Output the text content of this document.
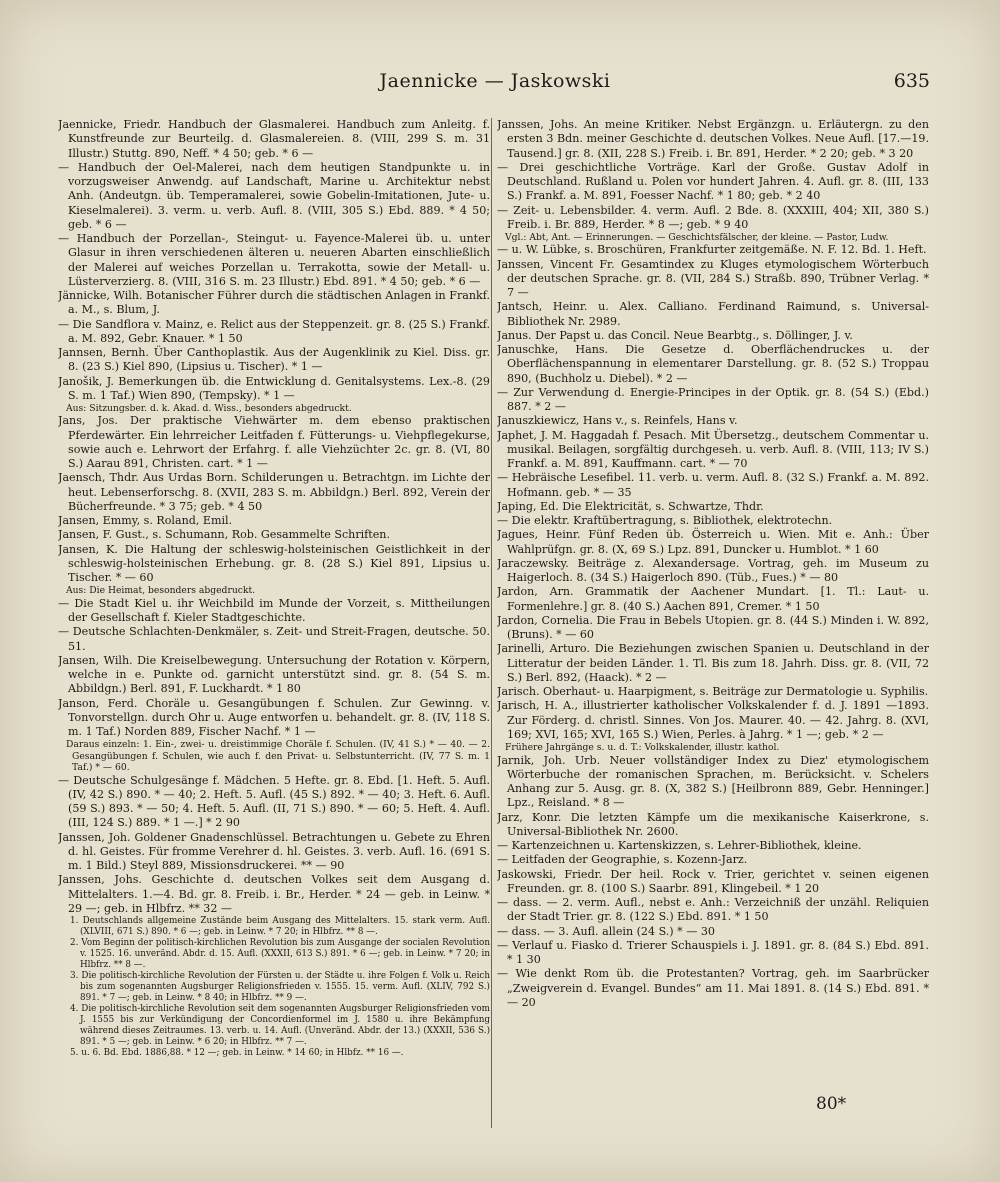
Jaennicke — Jaskowski	635

Jaennicke, Friedr. Handbuch der Glasmalerei. Handbuch zum Anleitg. f. Kunstfreunde zur Beurteilg. d. Glasmalereien. 8. (VIII, 299 S. m. 31 Illustr.) Stuttg. 890, Neff. * 4 50; geb. * 6 —

— Handbuch der Oel-Malerei, nach dem heutigen Standpunkte u. in vorzugsweiser Anwendg. auf Landschaft, Marine u. Architektur nebst Anh. (Andeutgn. üb. Temperamalerei, sowie Gobelin-Imitationen, Jute- u. Kieselmalerei). 3. verm. u. verb. Aufl. 8. (VIII, 305 S.) Ebd. 889. * 4 50; geb. * 6 —

— Handbuch der Porzellan-, Steingut- u. Fayence-Malerei üb. u. unter Glasur in ihren verschiedenen älteren u. neueren Abarten einschließlich der Malerei auf weiches Porzellan u. Terrakotta, sowie der Metall- u. Lüsterverzierg. 8. (VIII, 316 S. m. 23 Illustr.) Ebd. 891. * 4 50; geb. * 6 —

Jännicke, Wilh. Botanischer Führer durch die städtischen Anlagen in Frankf. a. M., s. Blum, J.

— Die Sandflora v. Mainz, e. Relict aus der Steppenzeit. gr. 8. (25 S.) Frankf. a. M. 892, Gebr. Knauer. * 1 50

Jannsen, Bernh. Über Canthoplastik. Aus der Augenklinik zu Kiel. Diss. gr. 8. (23 S.) Kiel 890, (Lipsius u. Tischer). * 1 —

Janošik, J. Bemerkungen üb. die Entwicklung d. Genitalsystems. Lex.-8. (29 S. m. 1 Taf.) Wien 890, (Tempsky). * 1 —

Aus: Sitzungsber. d. k. Akad. d. Wiss., besonders abgedruckt.

Jans, Jos. Der praktische Viehwärter m. dem ebenso praktischen Pferdewärter. Ein lehrreicher Leitfaden f. Fütterungs- u. Viehpflegekurse, sowie auch e. Lehrwort der Erfahrg. f. alle Viehzüchter 2c. gr. 8. (VI, 80 S.) Aarau 891, Christen. cart. * 1 —

Jaensch, Thdr. Aus Urdas Born. Schilderungen u. Betrachtgn. im Lichte der heut. Lebenserforschg. 8. (XVII, 283 S. m. Abbildgn.) Berl. 892, Verein der Bücherfreunde. * 3 75; geb. * 4 50

Jansen, Emmy, s. Roland, Emil.

Jansen, F. Gust., s. Schumann, Rob. Gesammelte Schriften.

Jansen, K. Die Haltung der schleswig-holsteinischen Geistlichkeit in der schleswig-holsteinischen Erhebung. gr. 8. (28 S.) Kiel 891, Lipsius u. Tischer. * — 60

Aus: Die Heimat, besonders abgedruckt.

— Die Stadt Kiel u. ihr Weichbild im Munde der Vorzeit, s. Mittheilungen der Gesellschaft f. Kieler Stadtgeschichte.

— Deutsche Schlachten-Denkmäler, s. Zeit- und Streit-Fragen, deutsche. 50. 51.

Jansen, Wilh. Die Kreiselbewegung. Untersuchung der Rotation v. Körpern, welche in e. Punkte od. garnicht unterstützt sind. gr. 8. (54 S. m. Abbildgn.) Berl. 891, F. Luckhardt. * 1 80

Janson, Ferd. Choräle u. Gesangübungen f. Schulen. Zur Gewinng. v. Tonvorstellgn. durch Ohr u. Auge entworfen u. behandelt. gr. 8. (IV, 118 S. m. 1 Taf.) Norden 889, Fischer Nachf. * 1 —

Daraus einzeln: 1. Ein-, zwei- u. dreistimmige Choräle f. Schulen. (IV, 41 S.) * — 40. — 2. Gesangübungen f. Schulen, wie auch f. den Privat- u. Selbstunterricht. (IV, 77 S. m. 1 Taf.) * — 60.

— Deutsche Schulgesänge f. Mädchen. 5 Hefte. gr. 8. Ebd. [1. Heft. 5. Aufl. (IV, 42 S.) 890. * — 40; 2. Heft. 5. Aufl. (45 S.) 892. * — 40; 3. Heft. 6. Aufl. (59 S.) 893. * — 50; 4. Heft. 5. Aufl. (II, 71 S.) 890. * — 60; 5. Heft. 4. Aufl. (III, 124 S.) 889. * 1 —.] * 2 90

Janssen, Joh. Goldener Gnadenschlüssel. Betrachtungen u. Gebete zu Ehren d. hl. Geistes. Für fromme Verehrer d. hl. Geistes. 3. verb. Aufl. 16. (691 S. m. 1 Bild.) Steyl 889, Missionsdruckerei. ** — 90

Janssen, Johs. Geschichte d. deutschen Volkes seit dem Ausgang d. Mittelalters. 1.—4. Bd. gr. 8. Freib. i. Br., Herder. * 24 — geb. in Leinw. * 29 —; geb. in Hlbfrz. ** 32 —

1. Deutschlands allgemeine Zustände beim Ausgang des Mittelalters. 15. stark verm. Aufl. (XLVIII, 671 S.) 890. * 6 —; geb. in Leinw. * 7 20; in Hlbfrz. ** 8 —.

2. Vom Beginn der politisch-kirchlichen Revolution bis zum Ausgange der socialen Revolution v. 1525. 16. unveränd. Abdr. d. 15. Aufl. (XXXII, 613 S.) 891. * 6 —; geb. in Leinw. * 7 20; in Hlbfrz. ** 8 —.

3. Die politisch-kirchliche Revolution der Fürsten u. der Städte u. ihre Folgen f. Volk u. Reich bis zum sogenannten Augsburger Religionsfrieden v. 1555. 15. verm. Aufl. (XLIV, 792 S.) 891. * 7 —; geb. in Leinw. * 8 40; in Hlbfrz. ** 9 —.

4. Die politisch-kirchliche Revolution seit dem sogenannten Augsburger Religionsfrieden vom J. 1555 bis zur Verkündigung der Concordienformel im J. 1580 u. ihre Bekämpfung während dieses Zeitraumes. 13. verb. u. 14. Aufl. (Unveränd. Abdr. der 13.) (XXXII, 536 S.) 891. * 5 —; geb. in Leinw. * 6 20; in Hlbfrz. ** 7 —.

5. u. 6. Bd. Ebd. 1886,88. * 12 —; geb. in Leinw. * 14 60; in Hlbfz. ** 16 —.

Janssen, Johs. An meine Kritiker. Nebst Ergänzgn. u. Erläutergn. zu den ersten 3 Bdn. meiner Geschichte d. deutschen Volkes. Neue Aufl. [17.—19. Tausend.] gr. 8. (XII, 228 S.) Freib. i. Br. 891, Herder. * 2 20; geb. * 3 20

— Drei geschichtliche Vorträge. Karl der Große. Gustav Adolf in Deutschland. Rußland u. Polen vor hundert Jahren. 4. Aufl. gr. 8. (III, 133 S.) Frankf. a. M. 891, Foesser Nachf. * 1 80; geb. * 2 40

— Zeit- u. Lebensbilder. 4. verm. Aufl. 2 Bde. 8. (XXXIII, 404; XII, 380 S.) Freib. i. Br. 889, Herder. * 8 —; geb. * 9 40

Vgl.: Abt, Ant. — Erinnerungen. — Geschichtsfälscher, der kleine. — Pastor, Ludw.

— u. W. Lübke, s. Broschüren, Frankfurter zeitgemäße. N. F. 12. Bd. 1. Heft.

Janssen, Vincent Fr. Gesamtindex zu Kluges etymologischem Wörterbuch der deutschen Sprache. gr. 8. (VII, 284 S.) Straßb. 890, Trübner Verlag. * 7 —

Jantsch, Heinr. u. Alex. Calliano. Ferdinand Raimund, s. Universal-Bibliothek Nr. 2989.

Janus. Der Papst u. das Concil. Neue Bearbtg., s. Döllinger, J. v.

Januschke, Hans. Die Gesetze d. Oberflächendruckes u. der Oberflächenspannung in elementarer Darstellung. gr. 8. (52 S.) Troppau 890, (Buchholz u. Diebel). * 2 —

— Zur Verwendung d. Energie-Principes in der Optik. gr. 8. (54 S.) (Ebd.) 887. * 2 —

Januszkiewicz, Hans v., s. Reinfels, Hans v.

Japhet, J. M. Haggadah f. Pesach. Mit Übersetzg., deutschem Commentar u. musikal. Beilagen, sorgfältig durchgeseh. u. verb. Aufl. 8. (VIII, 113; IV S.) Frankf. a. M. 891, Kauffmann. cart. * — 70

— Hebräische Lesefibel. 11. verb. u. verm. Aufl. 8. (32 S.) Frankf. a. M. 892. Hofmann. geb. * — 35

Japing, Ed. Die Elektricität, s. Schwartze, Thdr.

— Die elektr. Kraftübertragung, s. Bibliothek, elektrotechn.

Jagues, Heinr. Fünf Reden üb. Österreich u. Wien. Mit e. Anh.: Über Wahlprüfgn. gr. 8. (X, 69 S.) Lpz. 891, Duncker u. Humblot. * 1 60

Jaraczewsky. Beiträge z. Alexandersage. Vortrag, geh. im Museum zu Haigerloch. 8. (34 S.) Haigerloch 890. (Tüb., Fues.) * — 80

Jardon, Arn. Grammatik der Aachener Mundart. [1. Tl.: Laut- u. Formenlehre.] gr. 8. (40 S.) Aachen 891, Cremer. * 1 50

Jardon, Cornelia. Die Frau in Bebels Utopien. gr. 8. (44 S.) Minden i. W. 892, (Bruns). * — 60

Jarinelli, Arturo. Die Beziehungen zwischen Spanien u. Deutschland in der Litteratur der beiden Länder. 1. Tl. Bis zum 18. Jahrh. Diss. gr. 8. (VII, 72 S.) Berl. 892, (Haack). * 2 —

Jarisch. Oberhaut- u. Haarpigment, s. Beiträge zur Dermatologie u. Syphilis.

Jarisch, H. A., illustrierter katholischer Volkskalender f. d. J. 1891 —1893. Zur Förderg. d. christl. Sinnes. Von Jos. Maurer. 40. — 42. Jahrg. 8. (XVI, 169; XVI, 165; XVI, 165 S.) Wien, Perles. à Jahrg. * 1 —; geb. * 2 —

Frühere Jahrgänge s. u. d. T.: Volkskalender, illustr. kathol.

Jarnik, Joh. Urb. Neuer vollständiger Index zu Diez' etymologischem Wörterbuche der romanischen Sprachen, m. Berücksicht. v. Schelers Anhang zur 5. Ausg. gr. 8. (X, 382 S.) [Heilbronn 889, Gebr. Henninger.] Lpz., Reisland. * 8 —

Jarz, Konr. Die letzten Kämpfe um die mexikanische Kaiserkrone, s. Universal-Bibliothek Nr. 2600.

— Kartenzeichnen u. Kartenskizzen, s. Lehrer-Bibliothek, kleine.

— Leitfaden der Geographie, s. Kozenn-Jarz.

Jaskowski, Friedr. Der heil. Rock v. Trier, gerichtet v. seinen eigenen Freunden. gr. 8. (100 S.) Saarbr. 891, Klingebeil. * 1 20

— dass. — 2. verm. Aufl., nebst e. Anh.: Verzeichniß der unzähl. Reliquien der Stadt Trier. gr. 8. (122 S.) Ebd. 891. * 1 50

— dass. — 3. Aufl. allein (24 S.) * — 30

— Verlauf u. Fiasko d. Trierer Schauspiels i. J. 1891. gr. 8. (84 S.) Ebd. 891. * 1 30

— Wie denkt Rom üb. die Protestanten? Vortrag, geh. im Saarbrücker „Zweigverein d. Evangel. Bundes“ am 11. Mai 1891. 8. (14 S.) Ebd. 891. * — 20

80*
